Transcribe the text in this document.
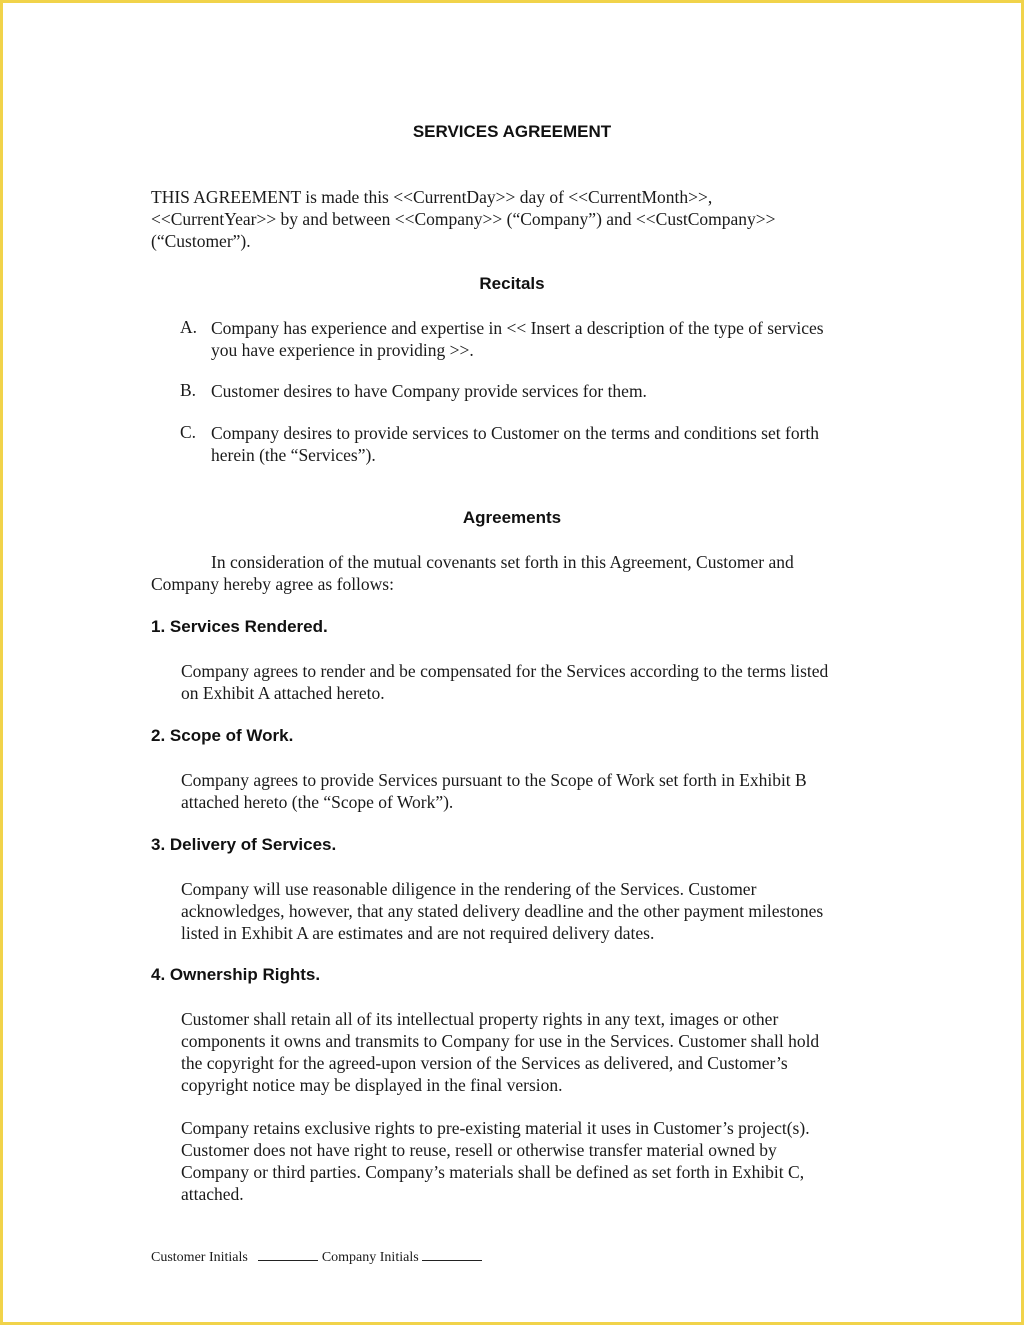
SERVICES AGREEMENT
THIS AGREEMENT is made this <<CurrentDay>> day of <<CurrentMonth>>,
<<CurrentYear>> by and between <<Company>> (“Company”) and <<CustCompany>>
(“Customer”).
Recitals
A. Company has experience and expertise in << Insert a description of the type of services
you have experience in providing >>.
B. Customer desires to have Company provide services for them.
C. Company desires to provide services to Customer on the terms and conditions set forth
herein (the “Services”).
Agreements
In consideration of the mutual covenants set forth in this Agreement, Customer and
Company hereby agree as follows:
1. Services Rendered.
Company agrees to render and be compensated for the Services according to the terms listed
on Exhibit A attached hereto.
2. Scope of Work.
Company agrees to provide Services pursuant to the Scope of Work set forth in Exhibit B
attached hereto (the “Scope of Work”).
3. Delivery of Services.
Company will use reasonable diligence in the rendering of the Services. Customer
acknowledges, however, that any stated delivery deadline and the other payment milestones
listed in Exhibit A are estimates and are not required delivery dates.
4. Ownership Rights.
Customer shall retain all of its intellectual property rights in any text, images or other
components it owns and transmits to Company for use in the Services. Customer shall hold
the copyright for the agreed-upon version of the Services as delivered, and Customer’s
copyright notice may be displayed in the final version.
Company retains exclusive rights to pre-existing material it uses in Customer’s project(s).
Customer does not have right to reuse, resell or otherwise transfer material owned by
Company or third parties. Company’s materials shall be defined as set forth in Exhibit C,
attached.
Customer Initials	Company Initials
